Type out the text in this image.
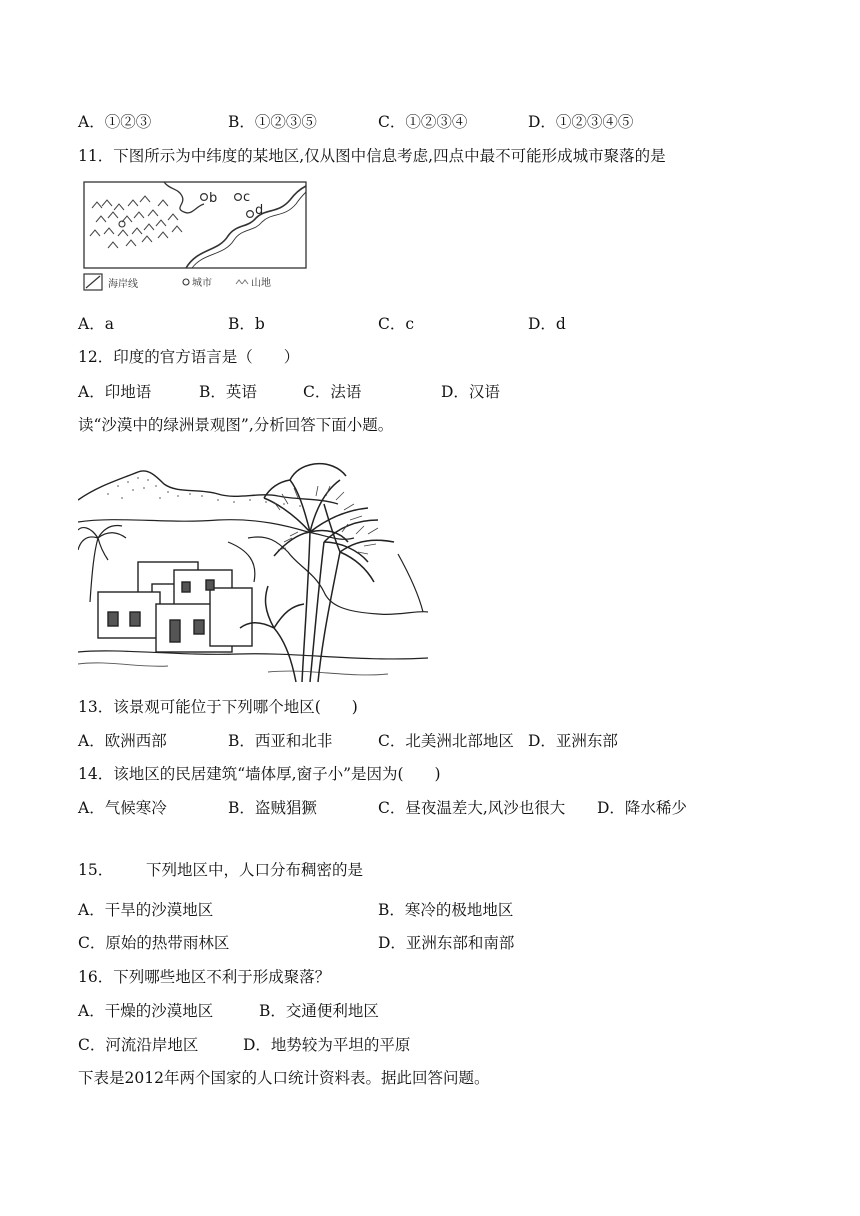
A．①②③	B．①②③⑤	C．①②③④	D．①②③④⑤
11．下图所示为中纬度的某地区,仅从图中信息考虑,四点中最不可能形成城市聚落的是
b c
d
海岸线	城市	山地
A．a	B．b	C．c	D．d
12．印度的官方语言是（　　）
A．印地语	B．英语	C．法语	D．汉语
读“沙漠中的绿洲景观图”,分析回答下面小题。
13．该景观可能位于下列哪个地区(　　)
A．欧洲西部	B．西亚和北非	C．北美洲北部地区 D．亚洲东部
14．该地区的民居建筑“墙体厚,窗子小”是因为(　　)
A．气候寒冷	B．盗贼猖獗	C．昼夜温差大,风沙也很大 D．降水稀少
15． 下列地区中，人口分布稠密的是
A．干旱的沙漠地区	B．寒冷的极地地区
C．原始的热带雨林区	D．亚洲东部和南部
16．下列哪些地区不利于形成聚落？
A．干燥的沙漠地区	B．交通便利地区
C．河流沿岸地区	D．地势较为平坦的平原
下表是2012年两个国家的人口统计资料表。据此回答问题。
